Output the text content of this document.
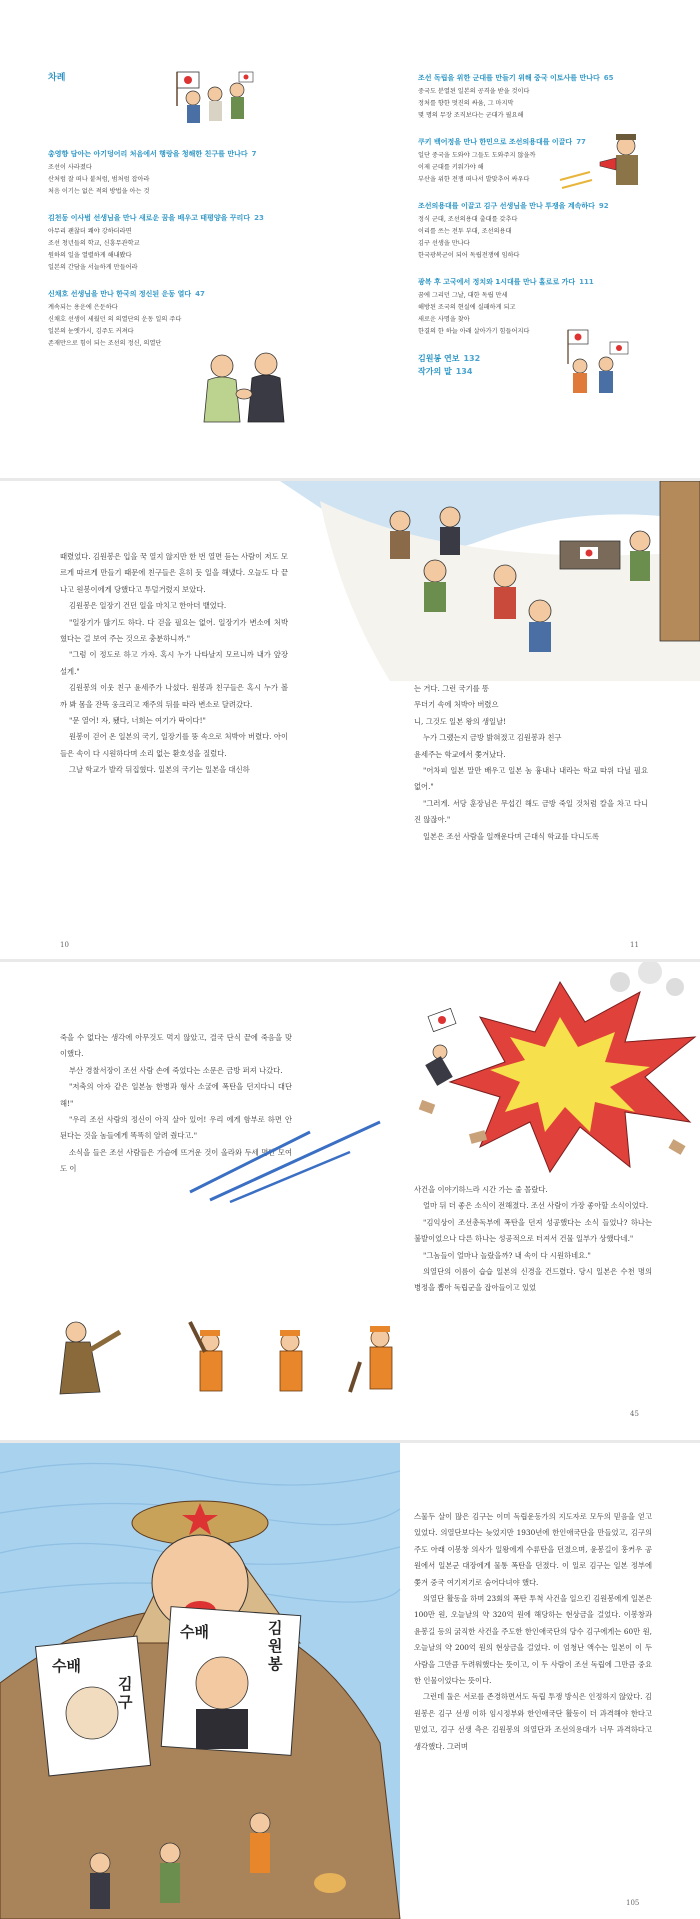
차례
총영향 담아는 아기덩어리 처음에서 행랑을 청해한 친구를 만나다 7
조선이 사라졌다
산처럼 잘 떠나 붙처럼, 범처럼 잡아라
처음 이기는 없은 적의 방법을 아는 것
김천동 이사범 선생님을 만나 새로운 꿈을 배우고 태평양을 꾸리다 23
아무리 괜찮더 쾌야 강하더라면
조선 청년들의 학교, 신흥무관학교
원하의 일을 열렬하게 해내봤다
일본의 간담을 서늘하게 만들어라
신채호 선생님을 만나 한국의 정신된 운동 열다 47
계속되는 용운에 은둔하다
신채호 선생이 세웠던 의 의열단의 운동 일의 주다
일본의 눈엣가시, 김주도 커져다
존재만으로 힘이 되는 조선의 정신, 의열단
조선 독립을 위한 군대를 만들기 위해 중국 이토사를 만나다 65
중국도 분열된 일본의 공격을 받을 것이다
정처를 향한 멋진의 싸움, 그 마지막
몇 명의 무장 조직보다는 군대가 필요해
쿠키 백어정을 만나 한민으로 조선의용대를 이끌다 77
일단 중국을 도와야 그들도 도와주지 않을까
이제 군대를 키워가야 해
부산을 위한 전쟁 떠나서 발맞추어 싸우다
조선의용대를 이끌고 김구 선생님을 만나 투쟁을 계속하다 92
정식 군대, 조선의용대 출대를 갖추다
이리를 쓰는 전투 부대, 조선의용대
김구 선생을 만나다
한국광복군이 되어 독립전쟁에 임하다
광복 후 고국에서 정치와 1시대를 만나 홀로로 가다 111
꿈에 그리던 그날, 대한 독립 만세
해방된 조국의 현실에 실패하게 되고
새로운 사명을 찾아
한결의 한 하늘 아래 살아가기 힘들어지다
김원봉 연보 132
작가의 말 134

때렸었다. 김원봉은 입을 꾹 열지 않지만 한 번 열면 듣는 사람이 저도 모르게 따르게 만들기 때문에 친구들은 흔히 듯 일을 해냈다. 오늘도 다 끝나고 원봉이에게 당했다고 투덜거렸지 보았다.

김원봉은 일장기 건던 일을 마치고 한아더 뱉었다.

"일장기가 많기도 하다. 다 걷을 필요는 없어. 일장기가 변소에 처박혔다는 걸 보여 주는 것으로 충분하니까."

"그럼 이 정도로 하고 가자. 혹시 누가 나타날지 모르니까 내가 앞장설게."

김원봉의 이웃 친구 윤세주가 나섰다. 원봉과 친구들은 혹시 누가 볼까 봐 몸을 잔뜩 웅크리고 재주의 뒤를 따라 변소로 달려갔다.

"문 열어! 자, 됐다, 너희는 여기가 딱이다!"

원봉이 걷어 온 일본의 국기, 일장기를 뚱 속으로 처박아 버렸다. 아이들은 속이 다 시원하다며 소리 없는 환호성을 질렀다.

그날 학교가 발칵 뒤집혔다. 일본의 국기는 일본을 대신하

는 거다. 그런 국기를 똥

무더기 속에 처박아 버렸으

니, 그것도 일본 왕의 생일날!

누가 그랬는지 금방 밝혀졌고 김원봉과 친구

윤세주는 학교에서 쫓겨났다.

"어차피 일본 말만 배우고 일본 놈 흉내나 내라는 학교 따위 다닐 필요 없어."

"그러게. 서당 훈장님은 무섭긴 해도 금방 죽일 것처럼 칼을 차고 다니진 않잖아."

일본은 조선 사람을 일깨운다며 근대식 학교를 다니도록

10	11

죽을 수 없다는 생각에 아무것도 먹지 않았고, 결국 단식 끝에 죽음을 맞이했다.

부산 경찰서장이 조선 사람 손에 죽었다는 소문은 금방 퍼져 나갔다.

"저축의 아자 같은 일본놈 한병과 형사 소굴에 폭탄을 던지다니 대단해!"

"우리 조선 사람의 정신이 아직 살아 있어! 우리 에게 함부로 하면 안 된다는 것을 놈들에게 똑똑히 알려 줬다고."

소식을 들은 조선 사람들은 가슴에 뜨거운 것이 올라와 두세 명만 모여도 이

사건을 이야기하느라 시간 가는 줄 몰랐다.

얼마 뒤 더 좋은 소식이 전해졌다. 조선 사람이 가장 좋아할 소식이었다.

"김익상이 조선총독부에 폭탄을 던져 성공했다는 소식 들었나? 하나는 불발이었으나 다른 하나는 성공적으로 터져서 건물 일부가 상했다네."

"그놈들이 얼마나 놀랐을까? 내 속이 다 시원하네요."

의열단의 이름이 습습 일본의 신경을 건드렸다. 당시 일본은 수천 명의 병정을 뽑아 독립군을 잡아들이고 있었

45
수배
김구
수배	김원봉

스물두 살이 많은 김구는 이미 독립운동가의 지도자로 모두의 믿음을 얻고 있었다. 의열단보다는 늦었지만 1930년에 한인애국단을 만들었고, 김구의 주도 아래 이봉창 의사가 일왕에게 수류탄을 던졌으며, 윤봉길이 훙커우 공원에서 일본군 대장에게 물통 폭탄을 던졌다. 이 일로 김구는 일본 정부에 쫓겨 중국 여기저기로 숨어다녀야 했다.

의열단 활동을 하며 23회의 폭탄 투척 사건을 일으킨 김원봉에게 일본은 100만 원, 오늘날의 약 320억 원에 해당하는 현상금을 걸었다. 이봉창과 윤봉길 등의 굵직한 사건을 주도한 한인애국단의 당수 김구에게는 60만 원, 오늘날의 약 200억 원의 현상금을 걸었다. 이 엄청난 액수는 일본이 이 두 사람을 그만큼 두려워했다는 뜻이고, 이 두 사람이 조선 독립에 그만큼 중요한 인물이었다는 뜻이다.

그런데 둘은 서로를 존경하면서도 독립 투쟁 방식은 인정하지 않았다. 김원봉은 김구 선생 이하 임시정부와 한인애국단 활동이 더 과격해야 한다고 믿었고, 김구 선생 측은 김원봉의 의열단과 조선의용대가 너무 과격하다고 생각했다. 그러며

105
